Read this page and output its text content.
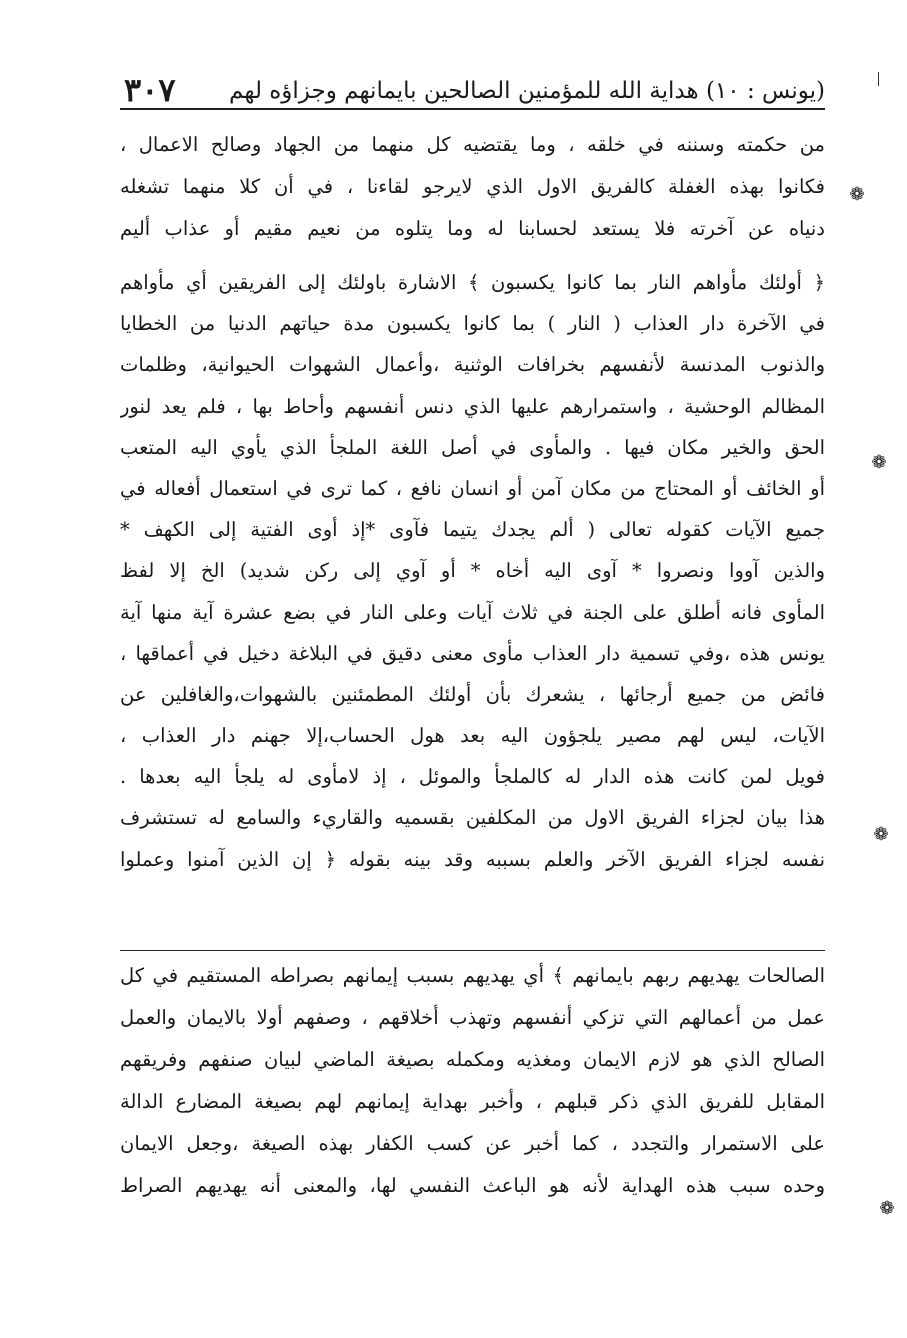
(يونس : ١٠) هداية الله للمؤمنين الصالحين بايمانهم وجزاؤه لهم
٣٠٧
من حكمته وسننه في خلقه ، وما يقتضيه كل منهما من الجهاد وصالح الاعمال ،
فكانوا بهذه الغفلة كالفريق الاول الذي لايرجو لقاءنا ، في أن كلا منهما تشغله
دنياه عن آخرته فلا يستعد لحسابنا له وما يتلوه من نعيم مقيم أو عذاب أليم
﴿ أولئك مأواهم النار بما كانوا يكسبون ﴾ الاشارة باولئك إلى الفريقين أي مأواهم
في الآخرة دار العذاب ( النار ) بما كانوا يكسبون مدة حياتهم الدنيا من الخطايا
والذنوب المدنسة لأنفسهم بخرافات الوثنية ،وأعمال الشهوات الحيوانية، وظلمات
المظالم الوحشية ، واستمرارهم عليها الذي دنس أنفسهم وأحاط بها ، فلم يعد لنور
الحق والخير مكان فيها . والمأوى في أصل اللغة الملجأ الذي يأوي اليه المتعب
أو الخائف أو المحتاج من مكان آمن أو انسان نافع ، كما ترى في استعمال أفعاله في
جميع الآيات كقوله تعالى ( ألم يجدك يتيما فآوى *إذ أوى الفتية إلى الكهف *
والذين آووا ونصروا * آوى اليه أخاه * أو آوي إلى ركن شديد) الخ إلا لفظ
المأوى فانه أطلق على الجنة في ثلاث آيات وعلى النار في بضع عشرة آية منها آية
يونس هذه ،وفي تسمية دار العذاب مأوى معنى دقيق في البلاغة دخيل في أعماقها ،
فائض من جميع أرجائها ، يشعرك بأن أولئك المطمئنين بالشهوات،والغافلين عن
الآيات، ليس لهم مصير يلجؤون اليه بعد هول الحساب،إلا جهنم دار العذاب ،
فويل لمن كانت هذه الدار له كالملجأ والموئل ، إذ لامأوى له يلجأ اليه بعدها .
هذا بيان لجزاء الفريق الاول من المكلفين بقسميه والقاريء والسامع له تستشرف
نفسه لجزاء الفريق الآخر والعلم بسببه وقد بينه بقوله ﴿ إن الذين آمنوا وعملوا
الصالحات يهديهم ربهم بايمانهم ﴾ أي يهديهم بسبب إيمانهم بصراطه المستقيم في كل
عمل من أعمالهم التي تزكي أنفسهم وتهذب أخلاقهم ، وصفهم أولا بالايمان والعمل
الصالح الذي هو لازم الايمان ومغذيه ومكمله بصيغة الماضي لبيان صنفهم وفريقهم
المقابل للفريق الذي ذكر قبلهم ، وأخبر بهداية إيمانهم لهم بصيغة المضارع الدالة
على الاستمرار والتجدد ، كما أخبر عن كسب الكفار بهذه الصيغة ،وجعل الايمان
وحده سبب هذه الهداية لأنه هو الباعث النفسي لها، والمعنى أنه يهديهم الصراط
❁
❁
❁
❁
